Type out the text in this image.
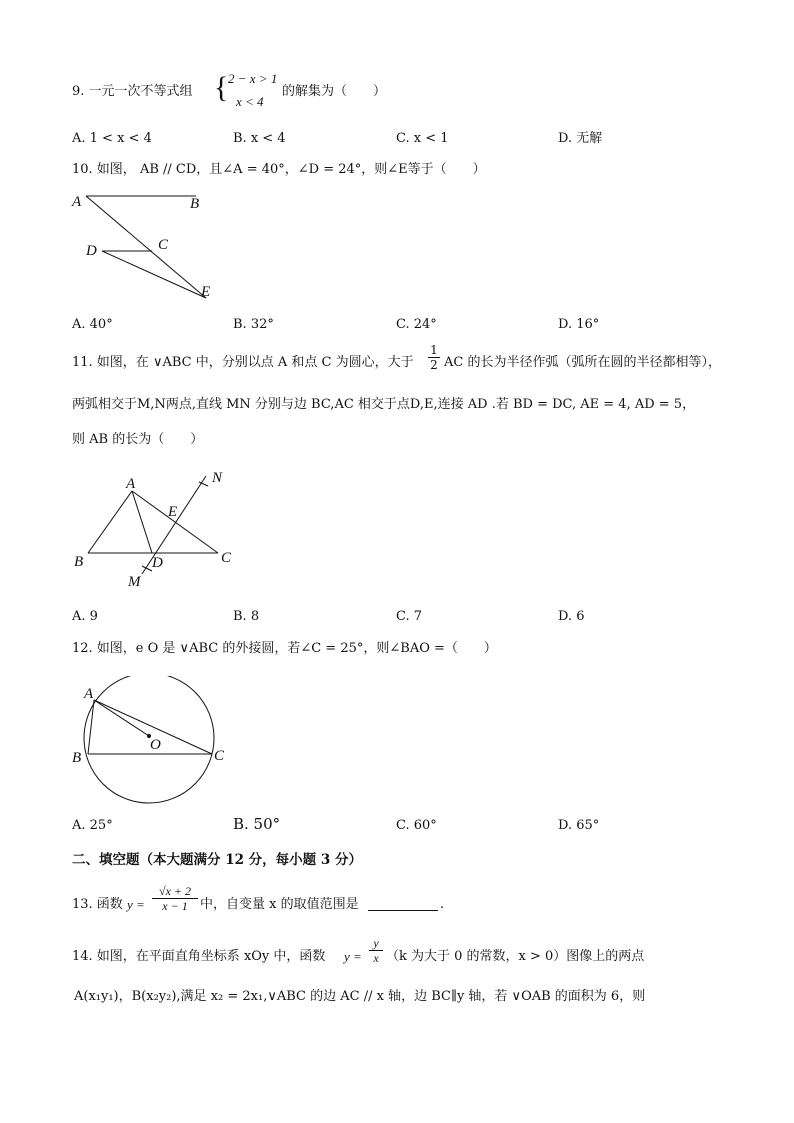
9. 一元一次不等式组 { 2 − x > 1
x < 4
的解集为（　　）
A. 1 < x < 4	B. x < 4	C. x < 1	D. 无解
10. 如图， AB // CD，且∠A = 40°，∠D = 24°，则∠E等于（　　）
A	B
C
D
E
A. 40°	B. 32°	C. 24°	D. 16°
11. 如图，在 ∨ABC 中，分别以点 A 和点 C 为圆心，大于 $\frac{1}{2}$ AC 的长为半径作弧（弧所在圆的半径都相等），
两弧相交于M,N两点,直线 MN 分别与边 BC,AC 相交于点D,E,连接 AD .若 BD = DC, AE = 4, AD = 5，
则 AB 的长为（　　）
A
B	C
D
E
M
N
A. 9	B. 8	C. 7	D. 6
12. 如图，e O 是 ∨ABC 的外接圆，若∠C = 25°，则∠BAO =（　　）
A
B	C
O
A. 25°	B. 50°	C. 60°	D. 65°
二、填空题（本大题满分 12 分，每小题 3 分）
13. 函数 $y = \frac{√x + 2}{x - 1}$ 中，自变量 x 的取值范围是	.
14. 如图，在平面直角坐标系 xOy 中，函数 $y = \frac{y}{x} (k$ 为大于 0 的常数，x > 0）图像上的两点
A(x₁y₁)，B(x₂y₂),满足 x₂ = 2x₁,∨ABC 的边 AC // x 轴，边 BC∥y 轴，若 ∨OAB 的面积为 6，则
